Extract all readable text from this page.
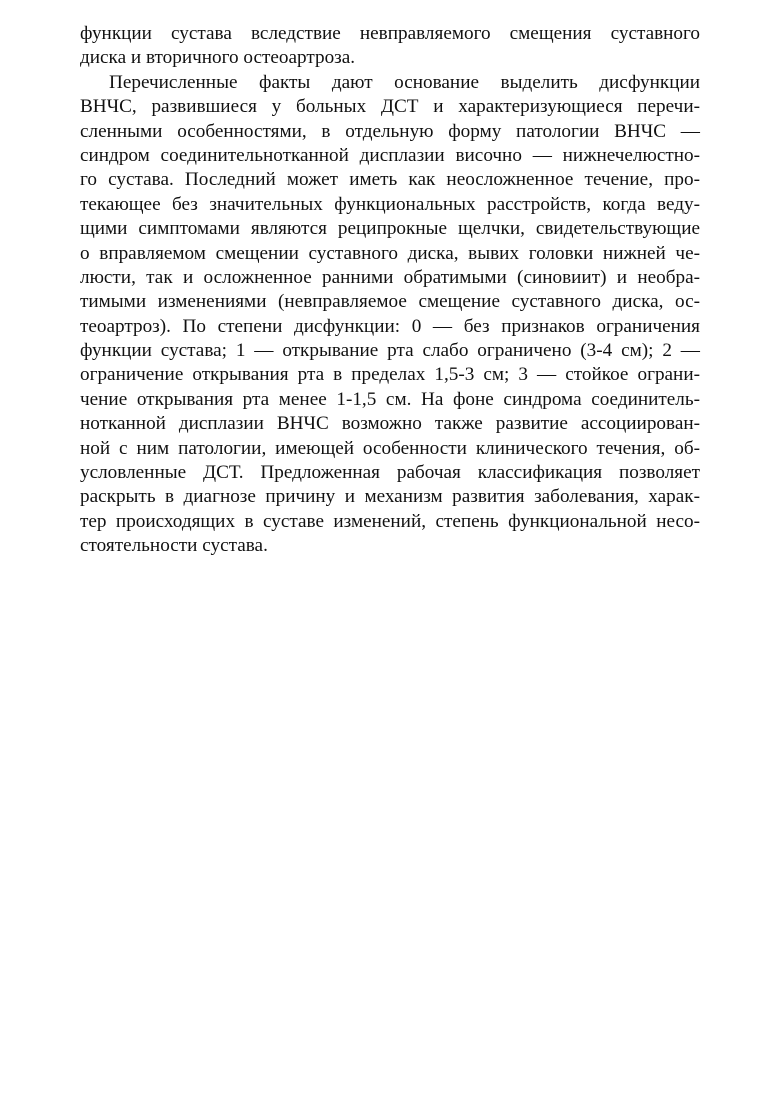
функции сустава вследствие невправляемого смещения суставного
диска и вторичного остеоартроза.
Перечисленные факты дают основание выделить дисфункции
ВНЧС, развившиеся у больных ДСТ и характеризующиеся перечи-
сленными особенностями, в отдельную форму патологии ВНЧС —
синдром соединительнотканной дисплазии височно — нижнечелюстно-
го сустава. Последний может иметь как неосложненное течение, про-
текающее без значительных функциональных расстройств, когда веду-
щими симптомами являются реципрокные щелчки, свидетельствующие
о вправляемом смещении суставного диска, вывих головки нижней че-
люсти, так и осложненное ранними обратимыми (синовиит) и необра-
тимыми изменениями (невправляемое смещение суставного диска, ос-
теоартроз). По степени дисфункции: 0 — без признаков ограничения
функции сустава; 1 — открывание рта слабо ограничено (3-4 см); 2 —
ограничение открывания рта в пределах 1,5-3 см; 3 — стойкое ограни-
чение открывания рта менее 1-1,5 см. На фоне синдрома соединитель-
нотканной дисплазии ВНЧС возможно также развитие ассоциирован-
ной с ним патологии, имеющей особенности клинического течения, об-
условленные ДСТ. Предложенная рабочая классификация позволяет
раскрыть в диагнозе причину и механизм развития заболевания, харак-
тер происходящих в суставе изменений, степень функциональной несо-
стоятельности сустава.
